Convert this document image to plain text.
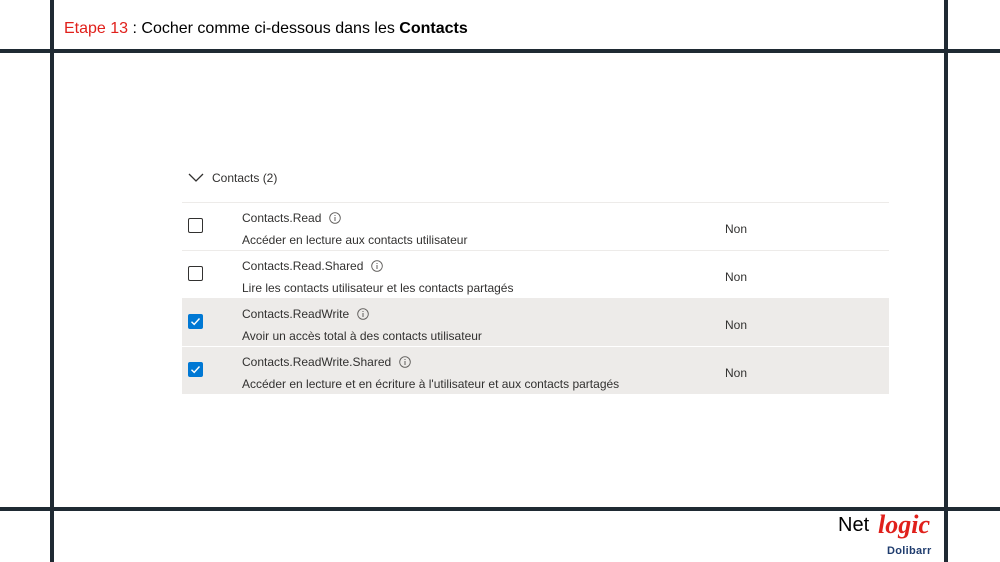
Etape 13 : Cocher comme ci-dessous dans les Contacts
Contacts (2)
Contacts.Read
Accéder en lecture aux contacts utilisateur
Non
Contacts.Read.Shared
Lire les contacts utilisateur et les contacts partagés
Non
Contacts.ReadWrite
Avoir un accès total à des contacts utilisateur
Non
Contacts.ReadWrite.Shared
Accéder en lecture et en écriture à l'utilisateur et aux contacts partagés
Non
Net logic
Dolibarr
